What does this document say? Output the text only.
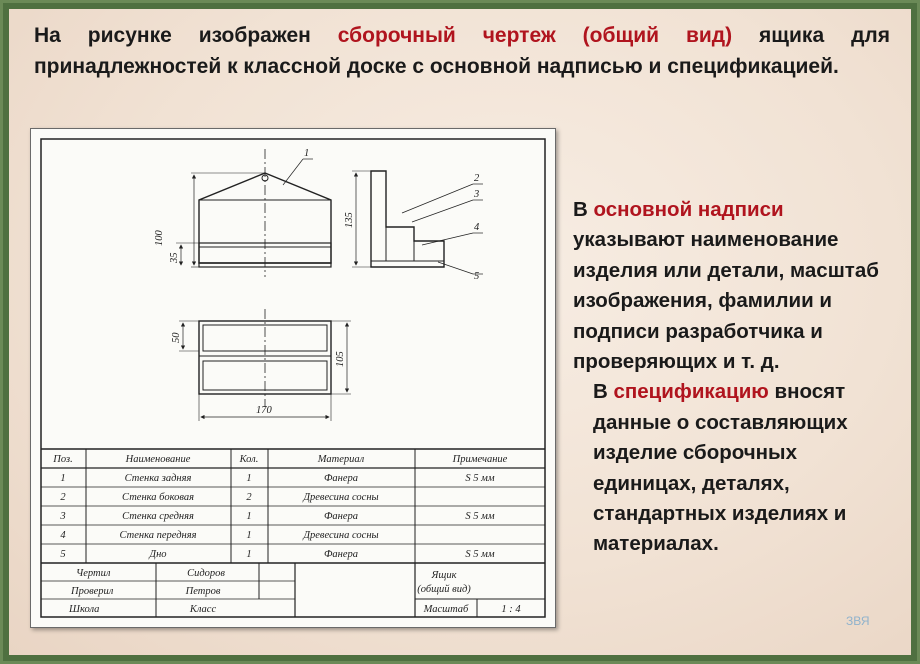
На рисунке изображен сборочный чертеж (общий вид) ящика для принадлежностей к классной доске с основной надписью и спецификацией.
1
2
3
4
5
100
35
135
50
105
170
Поз.	Наименование	Кол.	Материал	Примечание
1	Стенка задняя	1	Фанера	S 5 мм
2	Стенка боковая	2	Древесина сосны
3	Стенка средняя	1	Фанера	S 5 мм
4	Стенка передняя	1	Древесина сосны
5	Дно	1	Фанера	S 5 мм
Чертил	Сидоров
Проверил	Петров
Школа	Класс
Ящик
(общий вид)
Масштаб	1 : 4

В основной надписи указывают наименование изделия или детали, масштаб изображения, фамилии и подписи разработчика и проверяющих и т. д.

В спецификацию вносят данные о составляющих изделие сборочных единицах, деталях, стандартных изделиях и материалах.

ЗВЯ
